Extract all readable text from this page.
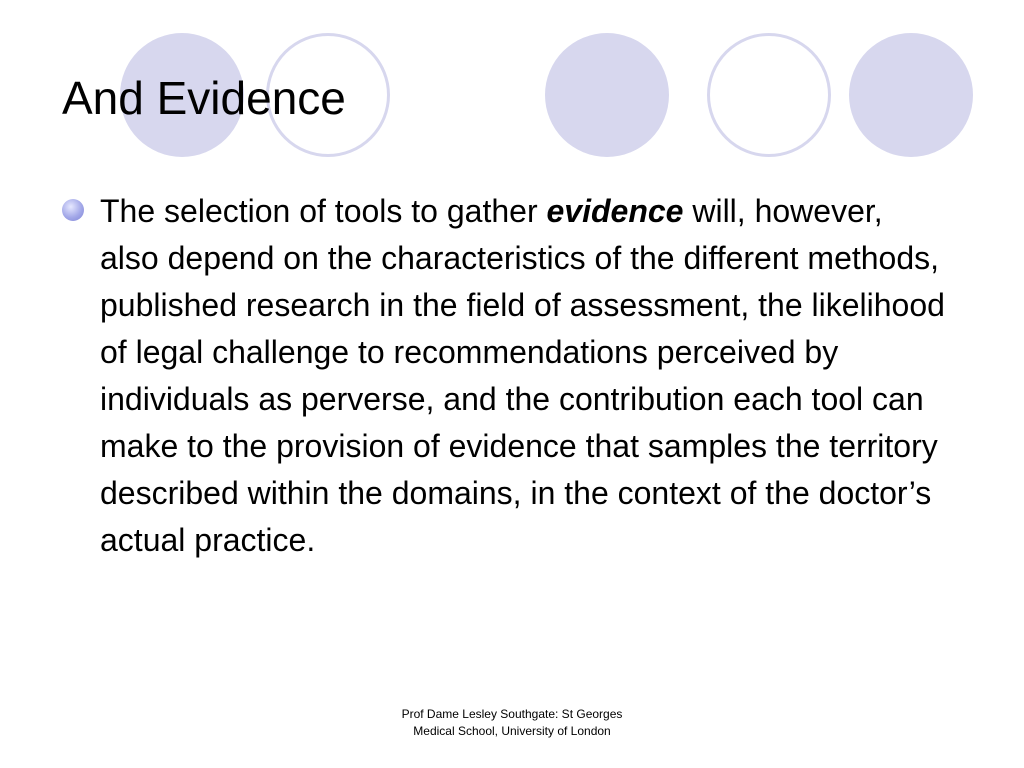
And Evidence
The selection of tools to gather evidence will, however, also depend on the characteristics of the different methods, published research in the field of assessment, the likelihood of legal challenge to recommendations perceived by individuals as perverse, and the contribution each tool can make to the provision of evidence that samples the territory described within the domains, in the context of the doctor’s actual practice.
Prof Dame Lesley Southgate: St Georges
Medical School, University of London
